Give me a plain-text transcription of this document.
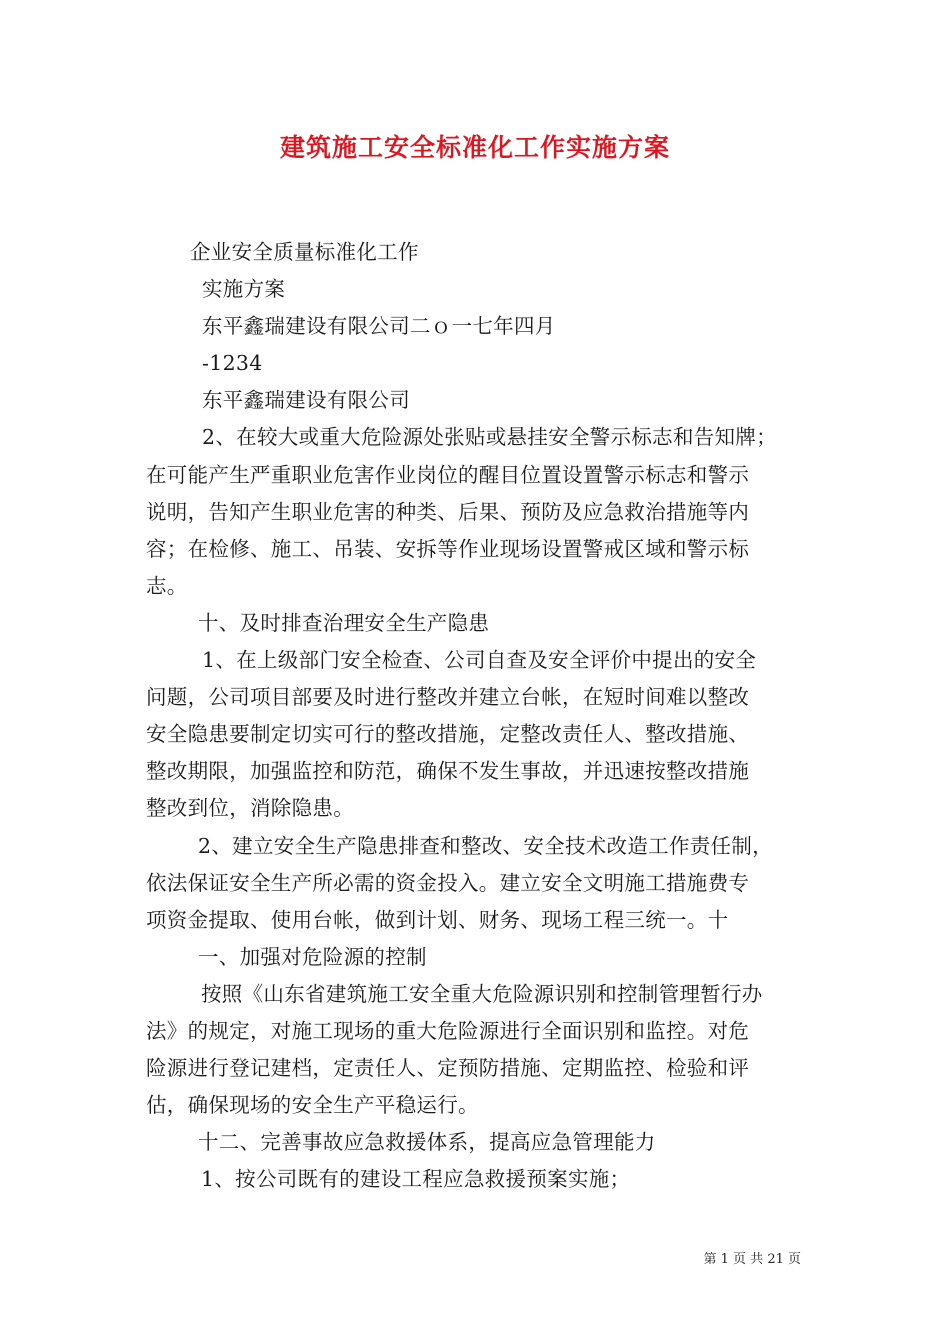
建筑施工安全标准化工作实施方案
企业安全质量标准化工作
实施方案
东平鑫瑞建设有限公司二ｏ一七年四月
-1234
东平鑫瑞建设有限公司
2、在较大或重大危险源处张贴或悬挂安全警示标志和告知牌；
在可能产生严重职业危害作业岗位的醒目位置设置警示标志和警示
说明，告知产生职业危害的种类、后果、预防及应急救治措施等内
容；在检修、施工、吊装、安拆等作业现场设置警戒区域和警示标
志。
十、及时排查治理安全生产隐患
1、在上级部门安全检查、公司自查及安全评价中提出的安全
问题，公司项目部要及时进行整改并建立台帐，在短时间难以整改
安全隐患要制定切实可行的整改措施，定整改责任人、整改措施、
整改期限，加强监控和防范，确保不发生事故，并迅速按整改措施
整改到位，消除隐患。
2、建立安全生产隐患排查和整改、安全技术改造工作责任制，
依法保证安全生产所必需的资金投入。建立安全文明施工措施费专
项资金提取、使用台帐，做到计划、财务、现场工程三统一。十
一、加强对危险源的控制
按照《山东省建筑施工安全重大危险源识别和控制管理暂行办
法》的规定，对施工现场的重大危险源进行全面识别和监控。对危
险源进行登记建档，定责任人、定预防措施、定期监控、检验和评
估，确保现场的安全生产平稳运行。
十二、完善事故应急救援体系，提高应急管理能力
1、按公司既有的建设工程应急救援预案实施；
第 1 页 共 21 页
